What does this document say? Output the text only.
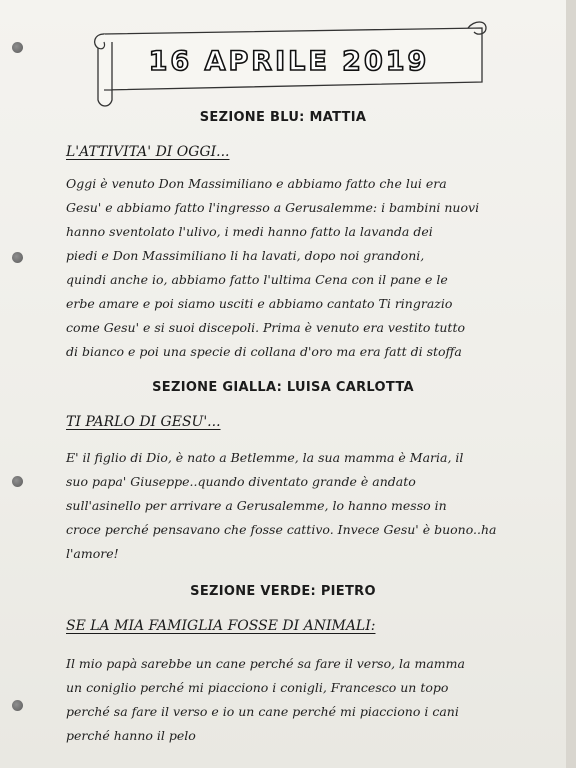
16 APRILE 2019
SEZIONE BLU: MATTIA
L'ATTIVITA' DI OGGI...
Oggi è venuto Don Massimiliano e abbiamo fatto che lui era
Gesu' e abbiamo fatto l'ingresso a Gerusalemme: i bambini nuovi
hanno sventolato l'ulivo, i medi hanno fatto la lavanda dei
piedi e Don Massimiliano li ha lavati, dopo noi grandoni,
quindi anche io, abbiamo fatto l'ultima Cena con il pane e le
erbe amare e poi siamo usciti e abbiamo cantato Ti ringrazio
come Gesu' e si suoi discepoli. Prima è venuto era vestito tutto
di bianco e poi una specie di collana d'oro ma era fatt di stoffa
SEZIONE GIALLA: LUISA CARLOTTA
TI PARLO DI GESU'...
E' il figlio di Dio, è nato a Betlemme, la sua mamma è Maria, il
suo papa' Giuseppe..quando diventato grande è andato
sull'asinello per arrivare a Gerusalemme, lo hanno messo in
croce perché pensavano che fosse cattivo. Invece Gesu' è buono..ha
l'amore!
SEZIONE VERDE: PIETRO
SE LA MIA FAMIGLIA FOSSE DI ANIMALI:
Il mio papà sarebbe un cane perché sa fare il verso, la mamma
un coniglio perché mi piacciono i conigli, Francesco un topo
perché sa fare il verso e io un cane perché mi piacciono i cani
perché hanno il pelo
